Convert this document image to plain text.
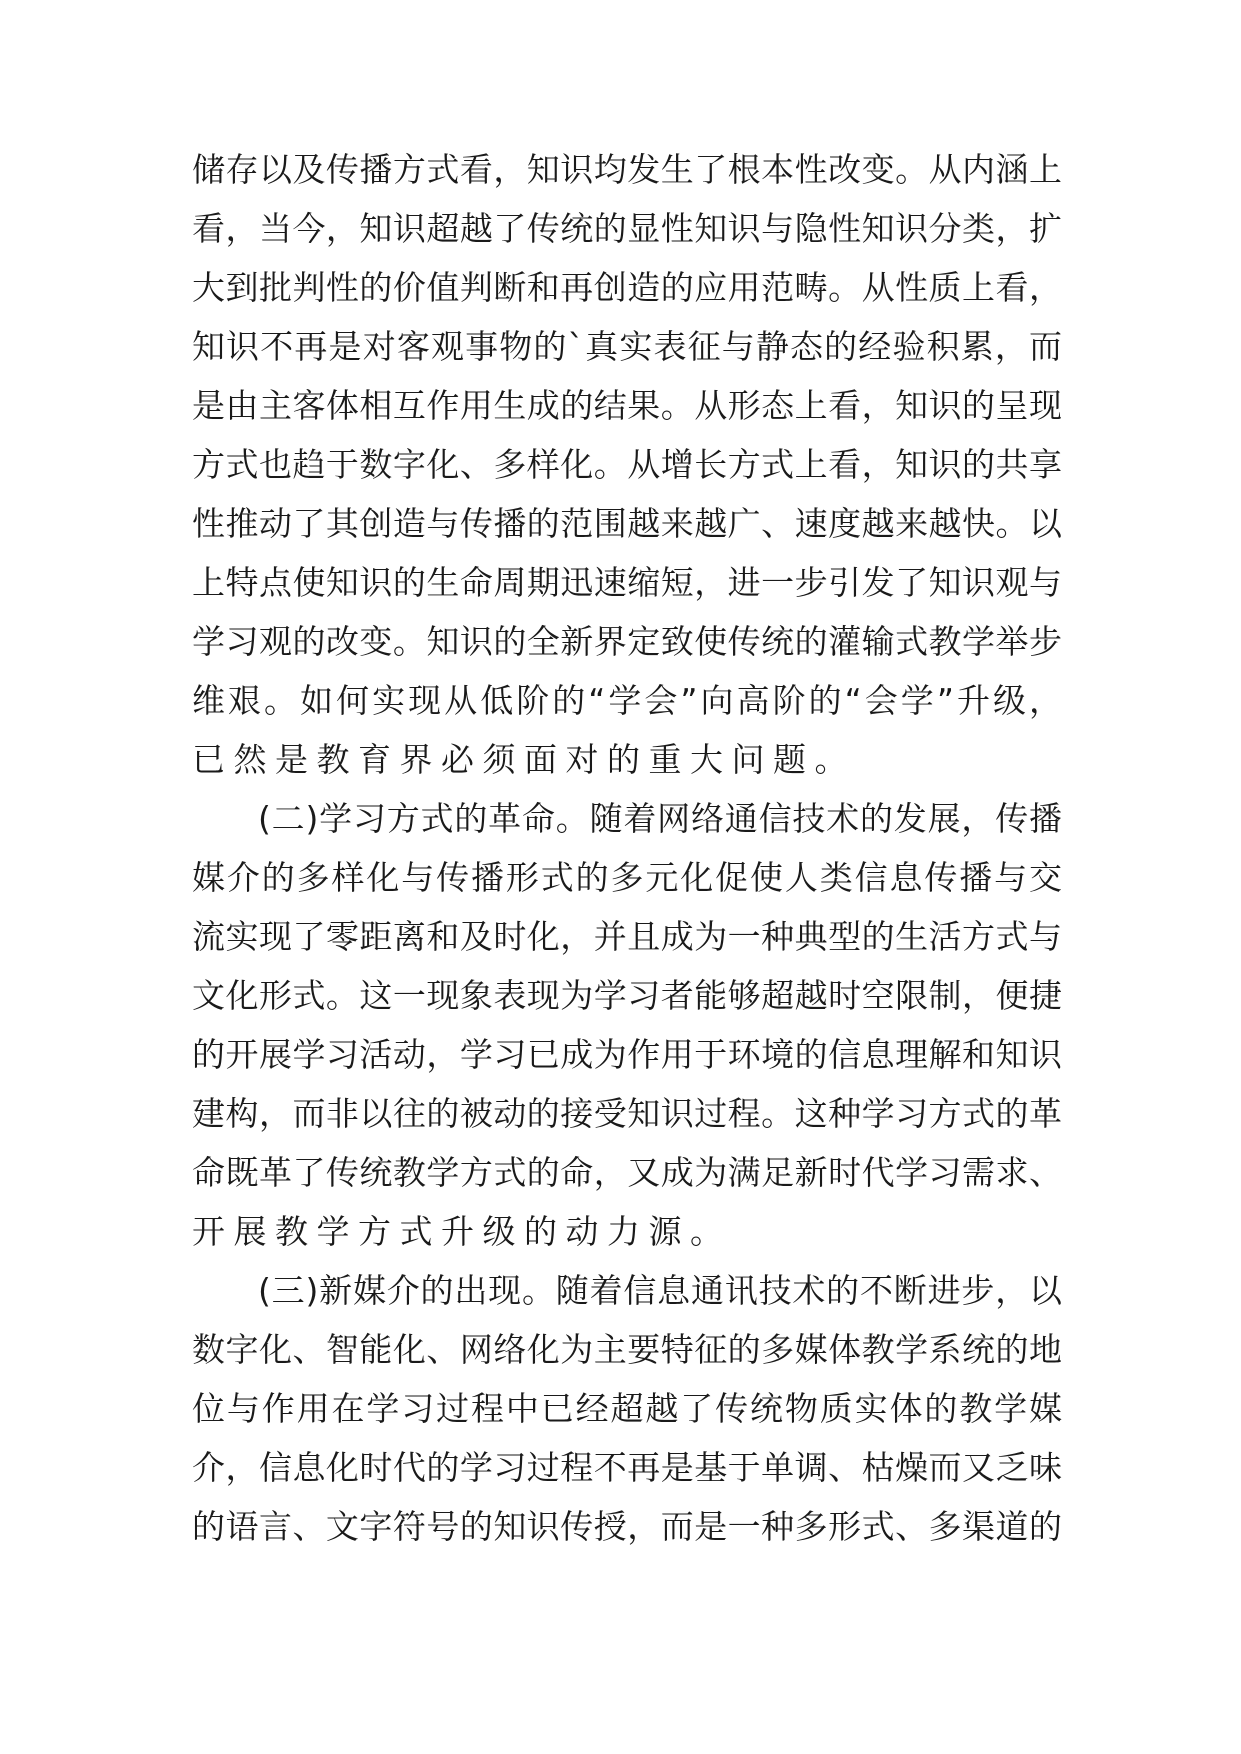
储存以及传播方式看，知识均发生了根本性改变。从内涵上
看，当今，知识超越了传统的显性知识与隐性知识分类，扩
大到批判性的价值判断和再创造的应用范畴。从性质上看，
知识不再是对客观事物的`真实表征与静态的经验积累，而
是由主客体相互作用生成的结果。从形态上看，知识的呈现
方式也趋于数字化、多样化。从增长方式上看，知识的共享
性推动了其创造与传播的范围越来越广、速度越来越快。以
上特点使知识的生命周期迅速缩短，进一步引发了知识观与
学习观的改变。知识的全新界定致使传统的灌输式教学举步
维艰。如何实现从低阶的“学会”向高阶的“会学”升级，
已然是教育界必须面对的重大问题。
(二)学习方式的革命。随着网络通信技术的发展，传播
媒介的多样化与传播形式的多元化促使人类信息传播与交
流实现了零距离和及时化，并且成为一种典型的生活方式与
文化形式。这一现象表现为学习者能够超越时空限制，便捷
的开展学习活动，学习已成为作用于环境的信息理解和知识
建构，而非以往的被动的接受知识过程。这种学习方式的革
命既革了传统教学方式的命，又成为满足新时代学习需求、
开展教学方式升级的动力源。
(三)新媒介的出现。随着信息通讯技术的不断进步，以
数字化、智能化、网络化为主要特征的多媒体教学系统的地
位与作用在学习过程中已经超越了传统物质实体的教学媒
介，信息化时代的学习过程不再是基于单调、枯燥而又乏味
的语言、文字符号的知识传授，而是一种多形式、多渠道的
